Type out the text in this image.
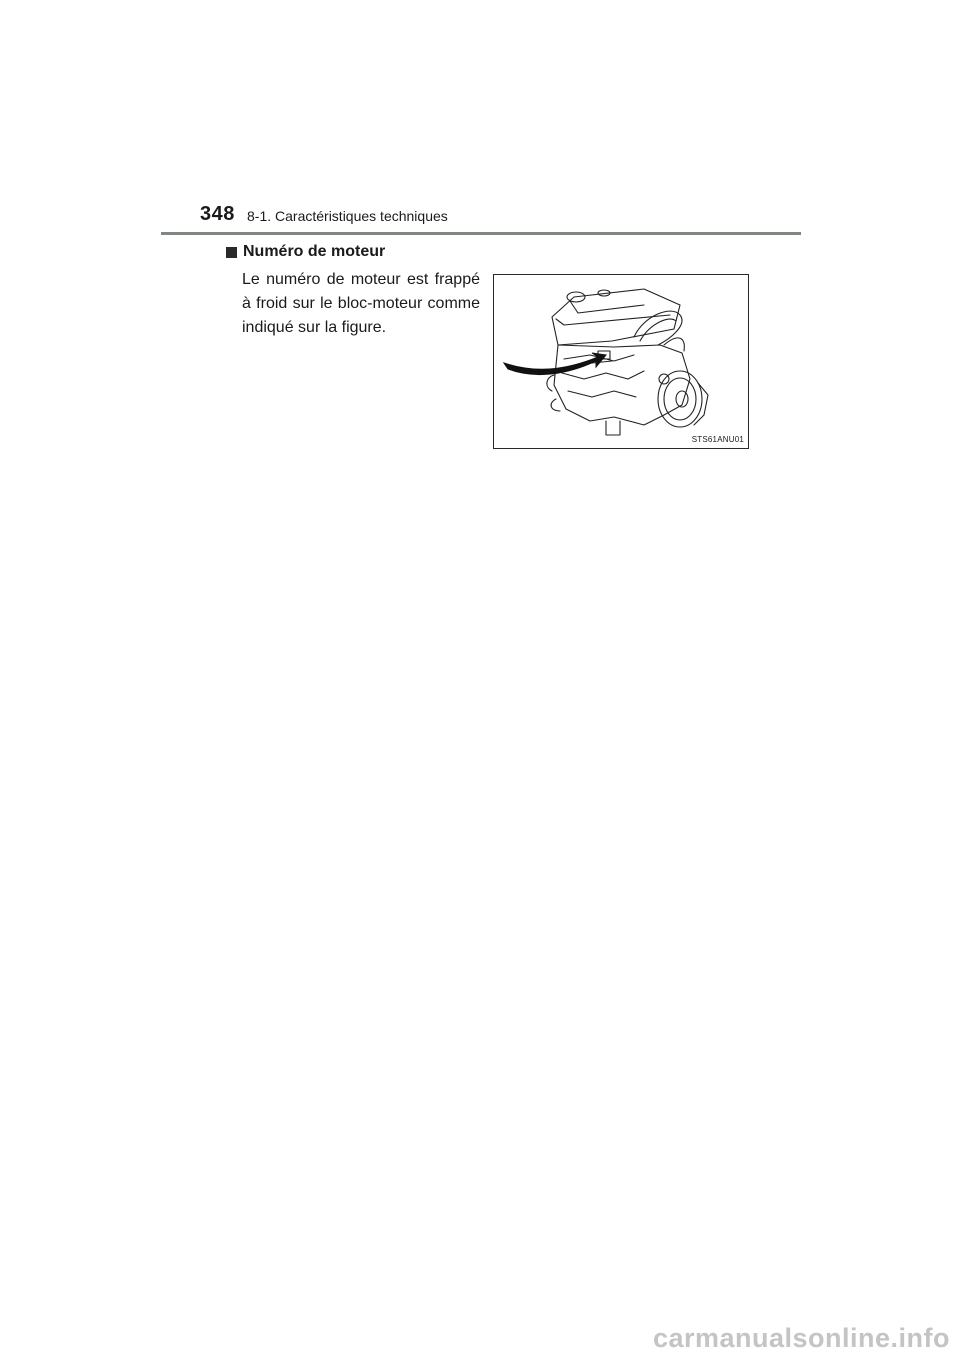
348 8-1. Caractéristiques techniques
Numéro de moteur
Le numéro de moteur est frappé à froid sur le bloc-moteur comme indiqué sur la figure.
STS61ANU01
carmanualsonline.info
